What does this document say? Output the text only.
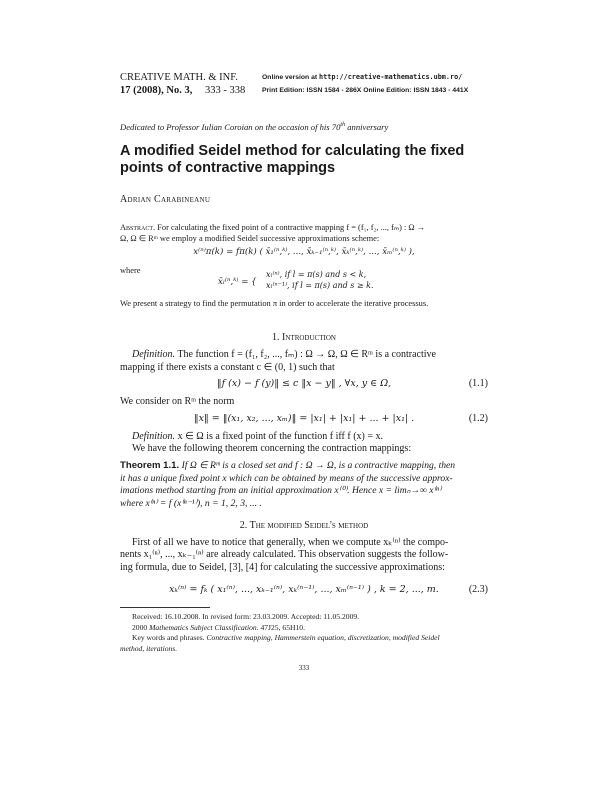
CREATIVE MATH. & INF.
17 (2008), No. 3, 333 - 338
Online version at http://creative-mathematics.ubm.ro/
Print Edition: ISSN 1584 - 286X Online Edition: ISSN 1843 - 441X
Dedicated to Professor Iulian Coroian on the occasion of his 70th anniversary
A modified Seidel method for calculating the fixed
points of contractive mappings
Adrian Carabineanu
Abstract. For calculating the fixed point of a contractive mapping f = (f₁, f₂, ..., fₘ) : Ω →
Ω, Ω ∈ Rᵐ we employ a modified Seidel successive approximations scheme:
x⁽ⁿ⁾π(k) = fπ(k) ( x̄₁⁽ⁿ,ᵏ⁾, ..., x̄ₖ₋₁⁽ⁿ,ᵏ⁾, x̄ₖ⁽ⁿ,ᵏ⁾, ..., x̄ₘ⁽ⁿ,ᵏ⁾ ),
where
x̄ₗ⁽ⁿ,ᵏ⁾ = {
xₗ⁽ⁿ⁾, if l = π(s) and s < k,
xₗ⁽ⁿ⁻¹⁾, if l = π(s) and s ≥ k.
We present a strategy to find the permutation π in order to accelerate the iterative processus.
1. Introduction
Definition. The function f = (f₁, f₂, ..., fₘ) : Ω → Ω, Ω ∈ Rᵐ is a contractive
mapping if there exists a constant c ∈ (0, 1) such that
‖f (x) − f (y)‖ ≤ c ‖x − y‖ , ∀x, y ∈ Ω,	(1.1)
We consider on Rᵐ the norm
‖x‖ = ‖(x₁, x₂, ..., xₘ)‖ = |x₁| + |x₁| + ... + |x₁| .	(1.2)
Definition. x ∈ Ω is a fixed point of the function f iff f (x) = x.
We have the following theorem concerning the contraction mappings:
Theorem 1.1. If Ω ∈ Rᵐ is a closed set and f : Ω → Ω, is a contractive mapping, then
it has a unique fixed point x which can be obtained by means of the successive approx-
imations method starting from an initial approximation x⁽⁰⁾. Hence x = limₙ→∞ x⁽ⁿ⁾
where x⁽ⁿ⁾ = f (x⁽ⁿ⁻¹⁾), n = 1, 2, 3, ... .
2. The modified Seidel's method
First of all we have to notice that generally, when we compute xₖ⁽ⁿ⁾ the compo-
nents x₁⁽ⁿ⁾, ..., xₖ₋₁⁽ⁿ⁾ are already calculated. This observation suggests the follow-
ing formula, due to Seidel, [3], [4] for calculating the successive approximations:
xₖ⁽ⁿ⁾ = fₖ ( x₁⁽ⁿ⁾, ..., xₖ₋₁⁽ⁿ⁾, xₖ⁽ⁿ⁻¹⁾, ..., xₘ⁽ⁿ⁻¹⁾ ) , k = 2, ..., m.	(2.3)
Received: 16.10.2008. In revised form: 23.03.2009. Accepted: 11.05.2009.
2000 Mathematics Subject Classification. 47J25, 65H10.
Key words and phrases. Contractive mapping, Hammerstein equation, discretization, modified Seidel
method, iterations.
333
